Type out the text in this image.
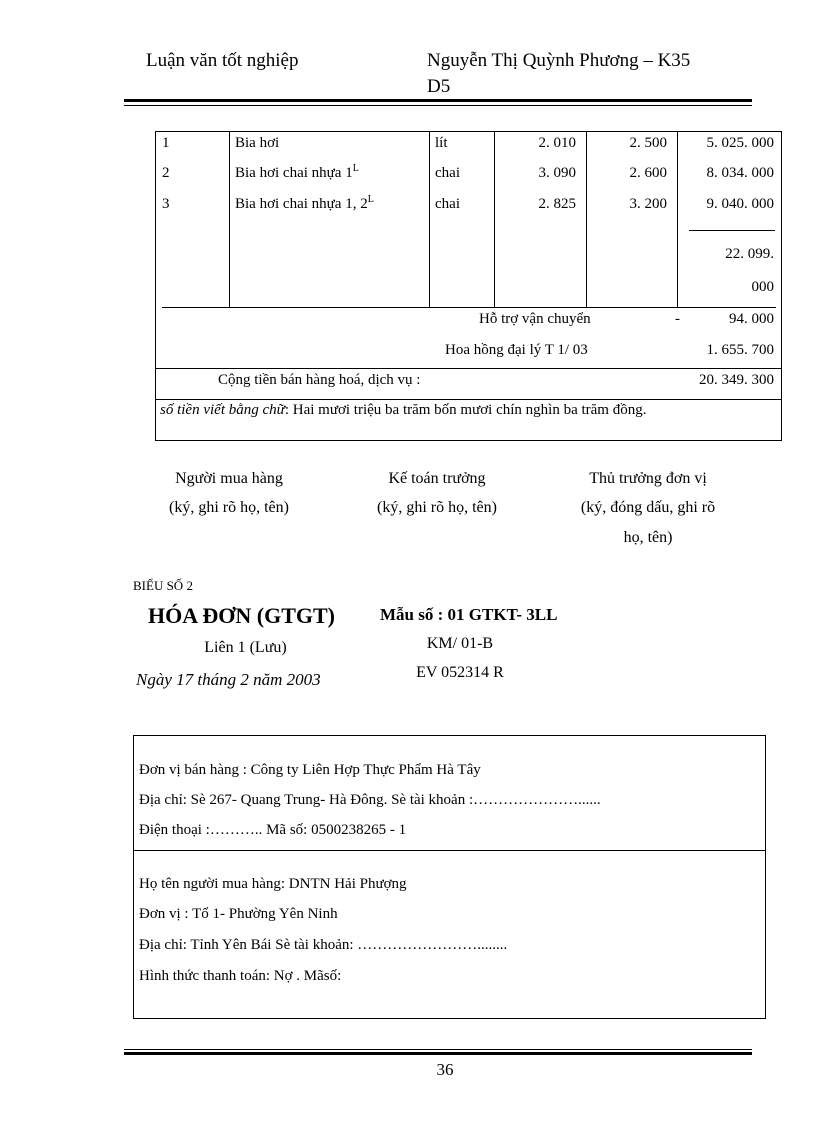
Luận văn tốt nghiệp	Nguyễn Thị Quỳnh Phương – K35
D5
1	Bia hơi	lít	2. 010	2. 500	5. 025. 000
2	Bia hơi chai nhựa $1^L$	chai	3. 090	2. 600	8. 034. 000
3	Bia hơi chai nhựa 1, $2^L$	chai	2. 825	3. 200	9. 040. 000
22. 099.
000
Hỗ trợ vận chuyển	-	94. 000
Hoa hồng đại lý T 1/ 03	1. 655. 700
Cộng tiền bán hàng hoá, dịch vụ :	20. 349. 300
số tiền viết bằng chữ: Hai mươi triệu ba trăm bốn mươi chín nghìn ba trăm đồng.
Người mua hàng
(ký, ghi rõ họ, tên)
Kế toán trưởng
(ký, ghi rõ họ, tên)
Thủ trưởng đơn vị
(ký, đóng dấu, ghi rõ
họ, tên)
BIỂU SỐ 2
HÓA ĐƠN (GTGT)
Liên 1 (Lưu)
Ngày 17 tháng 2 năm 2003
Mẫu số : 01 GTKT- 3LL
KM/ 01-B
EV 052314 R
Đơn vị bán hàng : Công ty Liên Hợp Thực Phẩm Hà Tây
Địa chỉ: Sè 267- Quang Trung- Hà Đông. Sè tài khoản :…………………......
Điện thoại :……….. Mã số: 0500238265 - 1
Họ tên người mua hàng: DNTN Hải Phượng
Đơn vị : Tổ 1- Phường Yên Ninh
Địa chỉ: Tỉnh Yên Bái Sè tài khoản: ……………………........
Hình thức thanh toán: Nợ . Mãsố:
36
